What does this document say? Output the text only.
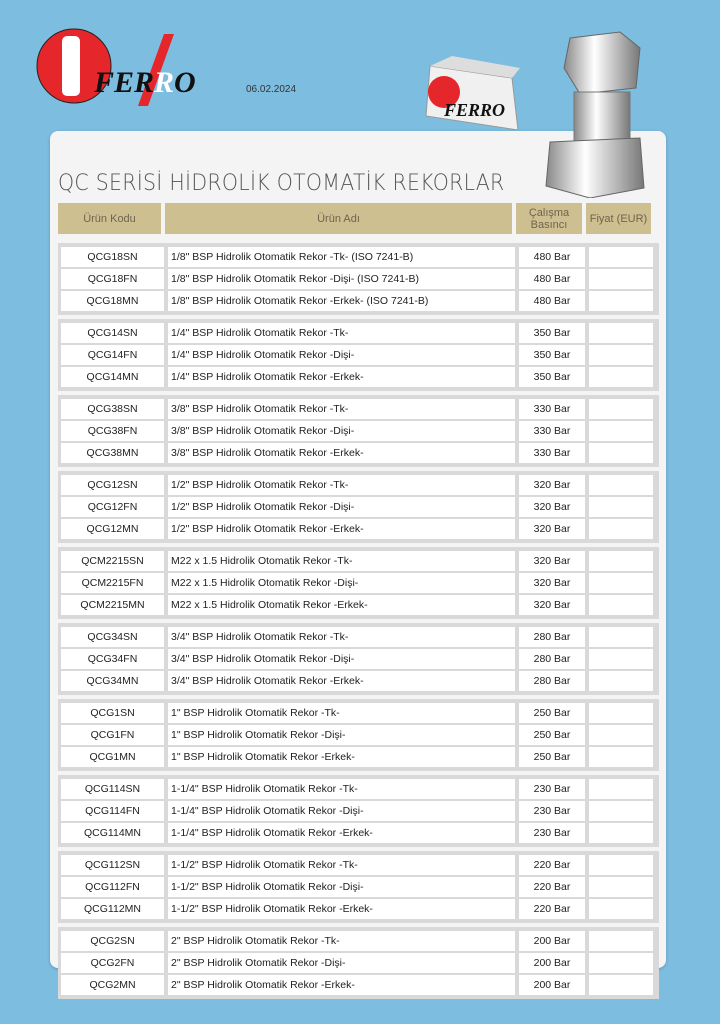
FERRO	06.02.2024
FERRO
QC SERİSİ HİDROLİK OTOMATİK REKORLAR
Ürün Kodu	Ürün Adı	Çalışma Basıncı	Fiyat (EUR)
QCG18SN	1/8" BSP Hidrolik Otomatik Rekor -Tk- (ISO 7241-B)	480 Bar
QCG18FN	1/8" BSP Hidrolik Otomatik Rekor -Dişi- (ISO 7241-B)	480 Bar
QCG18MN	1/8" BSP Hidrolik Otomatik Rekor -Erkek- (ISO 7241-B)	480 Bar
QCG14SN	1/4" BSP Hidrolik Otomatik Rekor -Tk-	350 Bar
QCG14FN	1/4" BSP Hidrolik Otomatik Rekor -Dişi-	350 Bar
QCG14MN	1/4" BSP Hidrolik Otomatik Rekor -Erkek-	350 Bar
QCG38SN	3/8" BSP Hidrolik Otomatik Rekor -Tk-	330 Bar
QCG38FN	3/8" BSP Hidrolik Otomatik Rekor -Dişi-	330 Bar
QCG38MN	3/8" BSP Hidrolik Otomatik Rekor -Erkek-	330 Bar
QCG12SN	1/2" BSP Hidrolik Otomatik Rekor -Tk-	320 Bar
QCG12FN	1/2" BSP Hidrolik Otomatik Rekor -Dişi-	320 Bar
QCG12MN	1/2" BSP Hidrolik Otomatik Rekor -Erkek-	320 Bar
QCM2215SN	M22 x 1.5 Hidrolik Otomatik Rekor -Tk-	320 Bar
QCM2215FN	M22 x 1.5 Hidrolik Otomatik Rekor -Dişi-	320 Bar
QCM2215MN	M22 x 1.5 Hidrolik Otomatik Rekor -Erkek-	320 Bar
QCG34SN	3/4" BSP Hidrolik Otomatik Rekor -Tk-	280 Bar
QCG34FN	3/4" BSP Hidrolik Otomatik Rekor -Dişi-	280 Bar
QCG34MN	3/4" BSP Hidrolik Otomatik Rekor -Erkek-	280 Bar
QCG1SN	1" BSP Hidrolik Otomatik Rekor -Tk-	250 Bar
QCG1FN	1" BSP Hidrolik Otomatik Rekor -Dişi-	250 Bar
QCG1MN	1" BSP Hidrolik Otomatik Rekor -Erkek-	250 Bar
QCG114SN	1-1/4" BSP Hidrolik Otomatik Rekor -Tk-	230 Bar
QCG114FN	1-1/4" BSP Hidrolik Otomatik Rekor -Dişi-	230 Bar
QCG114MN	1-1/4" BSP Hidrolik Otomatik Rekor -Erkek-	230 Bar
QCG112SN	1-1/2" BSP Hidrolik Otomatik Rekor -Tk-	220 Bar
QCG112FN	1-1/2" BSP Hidrolik Otomatik Rekor -Dişi-	220 Bar
QCG112MN	1-1/2" BSP Hidrolik Otomatik Rekor -Erkek-	220 Bar
QCG2SN	2" BSP Hidrolik Otomatik Rekor -Tk-	200 Bar
QCG2FN	2" BSP Hidrolik Otomatik Rekor -Dişi-	200 Bar
QCG2MN	2" BSP Hidrolik Otomatik Rekor -Erkek-	200 Bar
